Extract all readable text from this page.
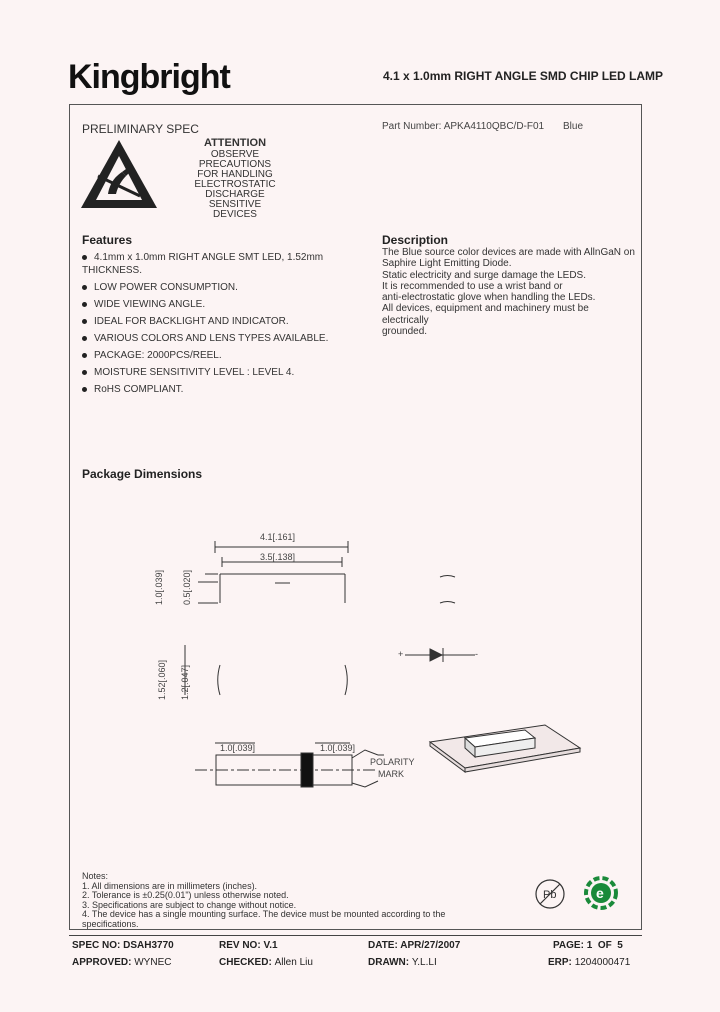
Kingbright	4.1 x 1.0mm RIGHT ANGLE SMD CHIP LED LAMP
PRELIMINARY SPEC	Part Number: APKA4110QBC/D-F01 Blue
ATTENTION
OBSERVE PRECAUTIONS
FOR HANDLING
ELECTROSTATIC
DISCHARGE
SENSITIVE
DEVICES
Features
4.1mm x 1.0mm RIGHT ANGLE SMT LED, 1.52mm
THICKNESS.
LOW POWER CONSUMPTION.
WIDE VIEWING ANGLE.
IDEAL FOR BACKLIGHT AND INDICATOR.
VARIOUS COLORS AND LENS TYPES AVAILABLE.
PACKAGE: 2000PCS/REEL.
MOISTURE SENSITIVITY LEVEL : LEVEL 4.
RoHS COMPLIANT.
Description

The Blue source color devices are made with AllnGaN on

Saphire Light Emitting Diode.

Static electricity and surge damage the LEDS.

It is recommended to use a wrist band or

anti-electrostatic glove when handling the LEDs.

All devices, equipment and machinery must be electrically

grounded.

Package Dimensions
4.1[.161]
3.5[.138]
1.0[.039] 0.5[.020]
1.52[.060] 1.2[.047]
1.0[.039]	1.0[.039]
POLARITY
MARK
+	-

Notes:

1. All dimensions are in millimeters (inches).

2. Tolerance is ±0.25(0.01") unless otherwise noted.

3. Specifications are subject to change without notice.

4. The device has a single mounting surface. The device must be mounted according to the specifications.

Pb	e
SPEC NO: DSAH3770	REV NO: V.1	DATE: APR/27/2007	PAGE: 1  OF  5
APPROVED: WYNEC	CHECKED: Allen Liu	DRAWN: Y.L.LI	ERP: 1204000471
